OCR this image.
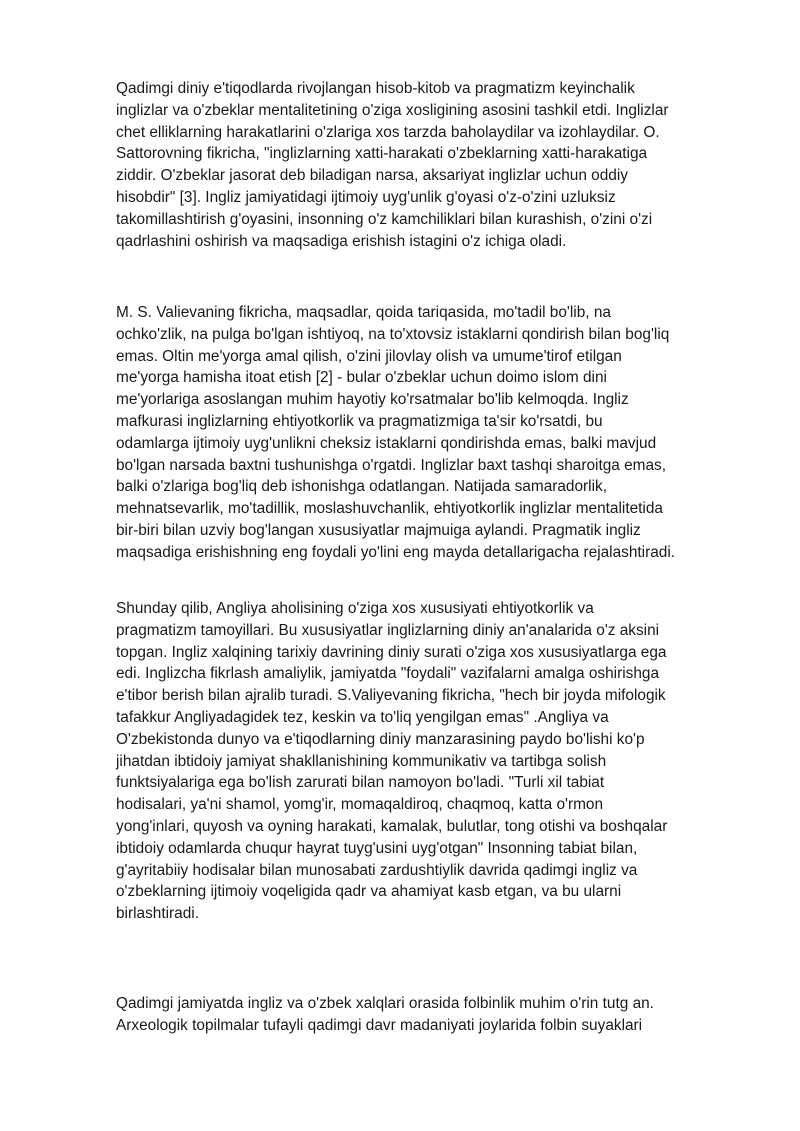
Qadimgi diniy e'tiqodlarda rivojlangan hisob-kitob va pragmatizm keyinchalik
inglizlar va o'zbeklar mentalitetining o'ziga xosligining asosini tashkil etdi. Inglizlar
chet elliklarning harakatlarini o'zlariga xos tarzda baholaydilar va izohlaydilar. O.
Sattorovning fikricha, "inglizlarning xatti-harakati o'zbeklarning xatti-harakatiga
ziddir. O'zbeklar jasorat deb biladigan narsa, aksariyat inglizlar uchun oddiy
hisobdir" [3]. Ingliz jamiyatidagi ijtimoiy uyg'unlik g'oyasi o'z-o'zini uzluksiz
takomillashtirish g'oyasini, insonning o'z kamchiliklari bilan kurashish, o'zini o'zi
qadrlashini oshirish va maqsadiga erishish istagini o'z ichiga oladi.

M. S. Valievaning fikricha, maqsadlar, qoida tariqasida, mo'tadil bo'lib, na
ochko'zlik, na pulga bo'lgan ishtiyoq, na to'xtovsiz istaklarni qondirish bilan bog'liq
emas. Oltin me'yorga amal qilish, o'zini jilovlay olish va umume'tirof etilgan
me'yorga hamisha itoat etish [2] - bular o'zbeklar uchun doimo islom dini
me'yorlariga asoslangan muhim hayotiy ko'rsatmalar bo'lib kelmoqda. Ingliz
mafkurasi inglizlarning ehtiyotkorlik va pragmatizmiga ta'sir ko'rsatdi, bu
odamlarga ijtimoiy uyg'unlikni cheksiz istaklarni qondirishda emas, balki mavjud
bo'lgan narsada baxtni tushunishga o'rgatdi. Inglizlar baxt tashqi sharoitga emas,
balki o'zlariga bog'liq deb ishonishga odatlangan. Natijada samaradorlik,
mehnatsevarlik, mo'tadillik, moslashuvchanlik, ehtiyotkorlik inglizlar mentalitetida
bir-biri bilan uzviy bog'langan xususiyatlar majmuiga aylandi. Pragmatik ingliz
maqsadiga erishishning eng foydali yo'lini eng mayda detallarigacha rejalashtiradi.

Shunday qilib, Angliya aholisining o'ziga xos xususiyati ehtiyotkorlik va
pragmatizm tamoyillari. Bu xususiyatlar inglizlarning diniy an'analarida o'z aksini
topgan. Ingliz xalqining tarixiy davrining diniy surati o'ziga xos xususiyatlarga ega
edi. Inglizcha fikrlash amaliylik, jamiyatda "foydali" vazifalarni amalga oshirishga
e'tibor berish bilan ajralib turadi. S.Valiyevaning fikricha, "hech bir joyda mifologik
tafakkur Angliyadagidek tez, keskin va to'liq yengilgan emas" .Angliya va
O'zbekistonda dunyo va e'tiqodlarning diniy manzarasining paydo bo'lishi ko'p
jihatdan ibtidoiy jamiyat shakllanishining kommunikativ va tartibga solish
funktsiyalariga ega bo'lish zarurati bilan namoyon bo'ladi. "Turli xil tabiat
hodisalari, ya'ni shamol, yomg'ir, momaqaldiroq, chaqmoq, katta o'rmon
yong'inlari, quyosh va oyning harakati, kamalak, bulutlar, tong otishi va boshqalar
ibtidoiy odamlarda chuqur hayrat tuyg'usini uyg'otgan" Insonning tabiat bilan,
g'ayritabiiy hodisalar bilan munosabati zardushtiylik davrida qadimgi ingliz va
o'zbeklarning ijtimoiy voqeligida qadr va ahamiyat kasb etgan, va bu ularni
birlashtiradi.

Qadimgi jamiyatda ingliz va o'zbek xalqlari orasida folbinlik muhim o'rin tutg an.
Arxeologik topilmalar tufayli qadimgi davr madaniyati joylarida folbin suyaklari
